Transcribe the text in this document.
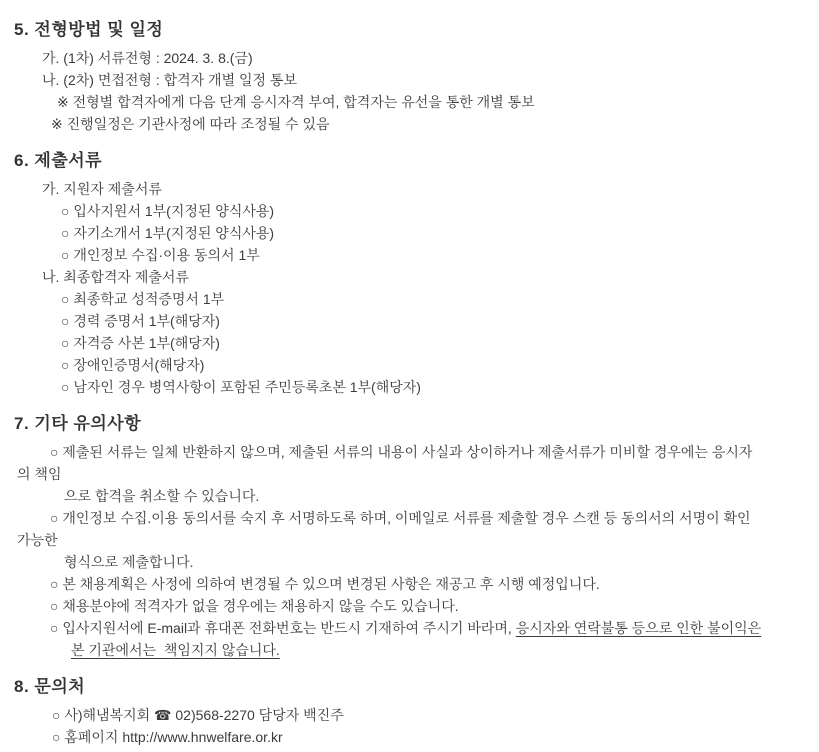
5. 전형방법 및 일정
가. (1차) 서류전형 : 2024. 3. 8.(금)
나. (2차) 면접전형 : 합격자 개별 일정 통보
※ 전형별 합격자에게 다음 단계 응시자격 부여, 합격자는 유선을 통한 개별 통보
※ 진행일정은 기관사정에 따라 조정될 수 있음
6. 제출서류
가. 지원자 제출서류
○ 입사지원서 1부(지정된 양식사용)
○ 자기소개서 1부(지정된 양식사용)
○ 개인정보 수집·이용 동의서 1부
나. 최종합격자 제출서류
○ 최종학교 성적증명서 1부
○ 경력 증명서 1부(해당자)
○ 자격증 사본 1부(해당자)
○ 장애인증명서(해당자)
○ 남자인 경우 병역사항이 포함된 주민등록초본 1부(해당자)
7. 기타 유의사항
○ 제출된 서류는 일체 반환하지 않으며, 제출된 서류의 내용이 사실과 상이하거나 제출서류가 미비할 경우에는 응시자
의 책임
으로 합격을 취소할 수 있습니다.
○ 개인정보 수집.이용 동의서를 숙지 후 서명하도록 하며, 이메일로 서류를 제출할 경우 스캔 등 동의서의 서명이 확인
가능한
형식으로 제출합니다.
○ 본 채용계획은 사정에 의하여 변경될 수 있으며 변경된 사항은 재공고 후 시행 예정입니다.
○ 채용분야에 적격자가 없을 경우에는 채용하지 않을 수도 있습니다.
○ 입사지원서에 E-mail과 휴대폰 전화번호는 반드시 기재하여 주시기 바라며, 응시자와 연락불통 등으로 인한 불이익은
본 기관에서는  책임지지 않습니다.
8. 문의처
○ 사)해냄복지회 ☎ 02)568-2270 담당자 백진주
○ 홈페이지 http://www.hnwelfare.or.kr
